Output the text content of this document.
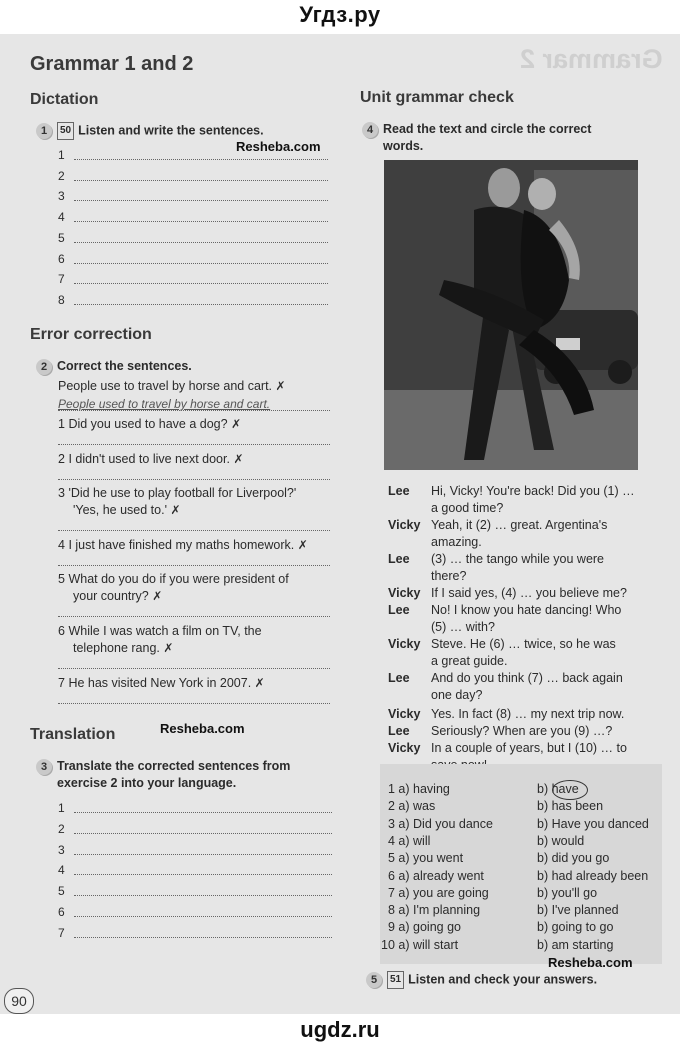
Угдз.ру
Grammar 2
Grammar 1 and 2
Dictation
1 50 Listen and write the sentences.
Resheba.com
1
2
3
4
5
6
7
8
Error correction
2 Correct the sentences.
People use to travel by horse and cart. ✗
People used to travel by horse and cart.
1 Did you used to have a dog? ✗
2 I didn't used to live next door. ✗
3 'Did he use to play football for Liverpool?'
'Yes, he used to.' ✗
4 I just have finished my maths homework. ✗
5 What do you do if you were president of
your country? ✗
6 While I was watch a film on TV, the
telephone rang. ✗
7 He has visited New York in 2007. ✗
Translation	Resheba.com
3 Translate the corrected sentences from
exercise 2 into your language.
1
2
3
4
5
6
7
Unit grammar check
4 Read the text and circle the correct
words.
Lee Hi, Vicky! You're back! Did you (1) …
a good time?
Vicky Yeah, it (2) … great. Argentina's
amazing.
Lee (3) … the tango while you were
there?
Vicky If I said yes, (4) … you believe me?
Lee No! I know you hate dancing! Who
(5) … with?
Vicky Steve. He (6) … twice, so he was
a great guide.
Lee And do you think (7) … back again
one day?
Vicky Yes. In fact (8) … my next trip now.
Lee Seriously? When are you (9) …?
Vicky In a couple of years, but I (10) … to
1 a) having	b) have
2 a) was	b) has been
3 a) Did you dance	b) Have you danced
4 a) will	b) would
5 a) you went	b) did you go
6 a) already went	b) had already been
7 a) you are going	b) you'll go
8 a) I'm planning	b) I've planned
9 a) going go	b) going to go
10 a) will start	b) am starting
Resheba.com
5 51 Listen and check your answers.
90
ugdz.ru
